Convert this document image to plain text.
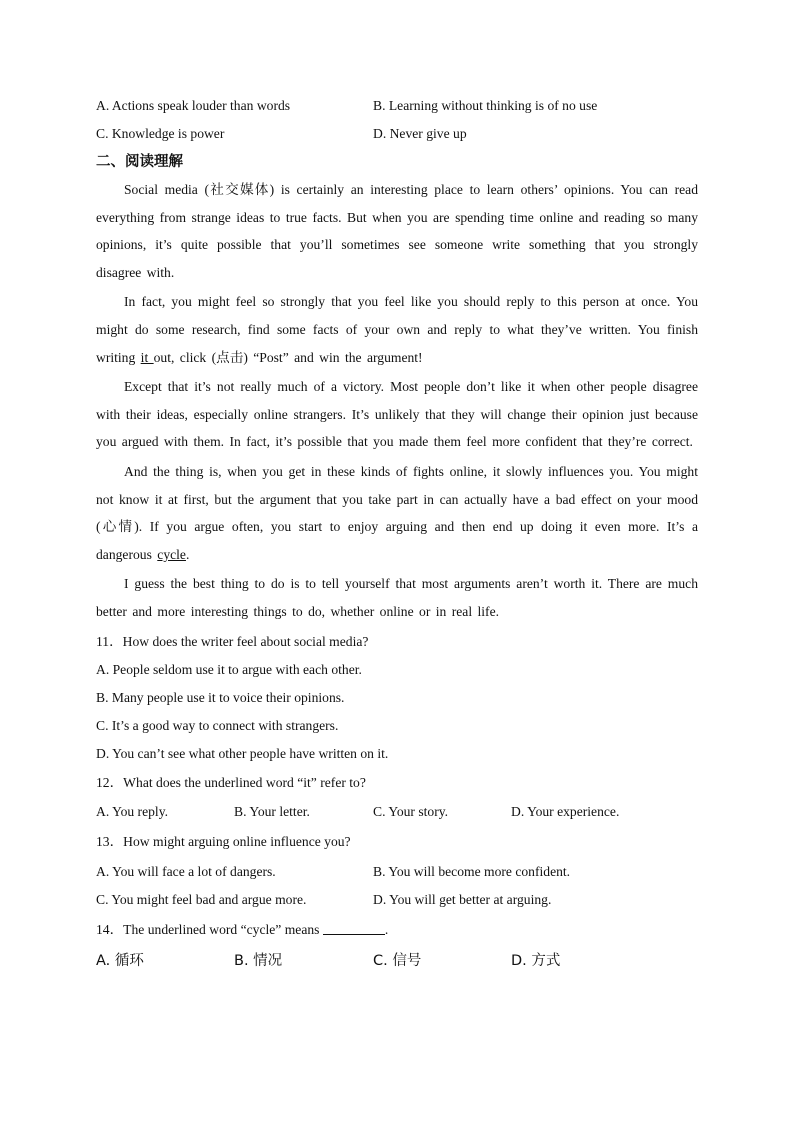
A. Actions speak louder than words	B. Learning without thinking is of no use
C. Knowledge is power	D. Never give up
二、阅读理解

Social media (社交媒体) is certainly an interesting place to learn others’ opinions. You can read everything from strange ideas to true facts. But when you are spending time online and reading so many opinions, it’s quite possible that you’ll sometimes see someone write something that you strongly disagree with.

In fact, you might feel so strongly that you feel like you should reply to this person at once. You might do some research, find some facts of your own and reply to what they’ve written. You finish writing it out, click (点击) “Post” and win the argument!

Except that it’s not really much of a victory. Most people don’t like it when other people disagree with their ideas, especially online strangers. It’s unlikely that they will change their opinion just because you argued with them. In fact, it’s possible that you made them feel more confident that they’re correct.

And the thing is, when you get in these kinds of fights online, it slowly influences you. You might not know it at first, but the argument that you take part in can actually have a bad effect on your mood (心情). If you argue often, you start to enjoy arguing and then end up doing it even more. It’s a dangerous cycle.

I guess the best thing to do is to tell yourself that most arguments aren’t worth it. There are much better and more interesting things to do, whether online or in real life.

11．How does the writer feel about social media?
A. People seldom use it to argue with each other.
B. Many people use it to voice their opinions.
C. It’s a good way to connect with strangers.
D. You can’t see what other people have written on it.
12．What does the underlined word “it” refer to?
A. You reply.	B. Your letter.	C. Your story.	D. Your experience.
13．How might arguing online influence you?
A. You will face a lot of dangers.	B. You will become more confident.
C. You might feel bad and argue more.	D. You will get better at arguing.
14．The underlined word “cycle” means	.
A. 循环	B. 情况	C. 信号	D. 方式
